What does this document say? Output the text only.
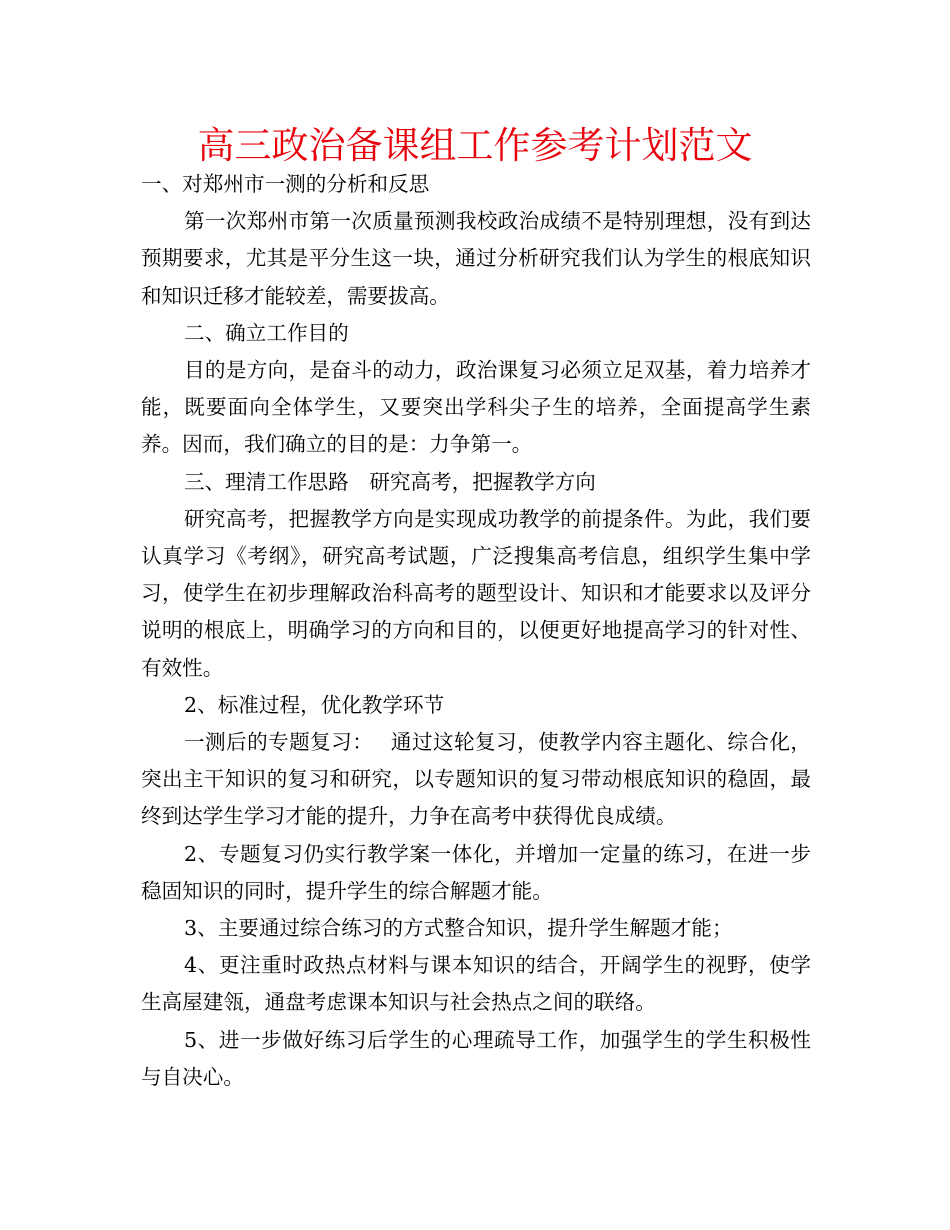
高三政治备课组工作参考计划范文

一、对郑州市一测的分析和反思

第一次郑州市第一次质量预测我校政治成绩不是特别理想，没有到达预期要求，尤其是平分生这一块，通过分析研究我们认为学生的根底知识和知识迁移才能较差，需要拔高。

二、确立工作目的

目的是方向，是奋斗的动力，政治课复习必须立足双基，着力培养才能，既要面向全体学生，又要突出学科尖子生的培养，全面提高学生素养。因而，我们确立的目的是：力争第一。

三、理清工作思路　研究高考，把握教学方向

研究高考，把握教学方向是实现成功教学的前提条件。为此，我们要认真学习《考纲》，研究高考试题，广泛搜集高考信息，组织学生集中学习，使学生在初步理解政治科高考的题型设计、知识和才能要求以及评分说明的根底上，明确学习的方向和目的，以便更好地提高学习的针对性、有效性。

2、标准过程，优化教学环节

一测后的专题复习：　 通过这轮复习，使教学内容主题化、综合化，突出主干知识的复习和研究，以专题知识的复习带动根底知识的稳固，最终到达学生学习才能的提升，力争在高考中获得优良成绩。

2、专题复习仍实行教学案一体化，并增加一定量的练习，在进一步稳固知识的同时，提升学生的综合解题才能。

3、主要通过综合练习的方式整合知识，提升学生解题才能；

4、更注重时政热点材料与课本知识的结合，开阔学生的视野，使学生高屋建瓴，通盘考虑课本知识与社会热点之间的联络。

5、进一步做好练习后学生的心理疏导工作，加强学生的学生积极性与自决心。
